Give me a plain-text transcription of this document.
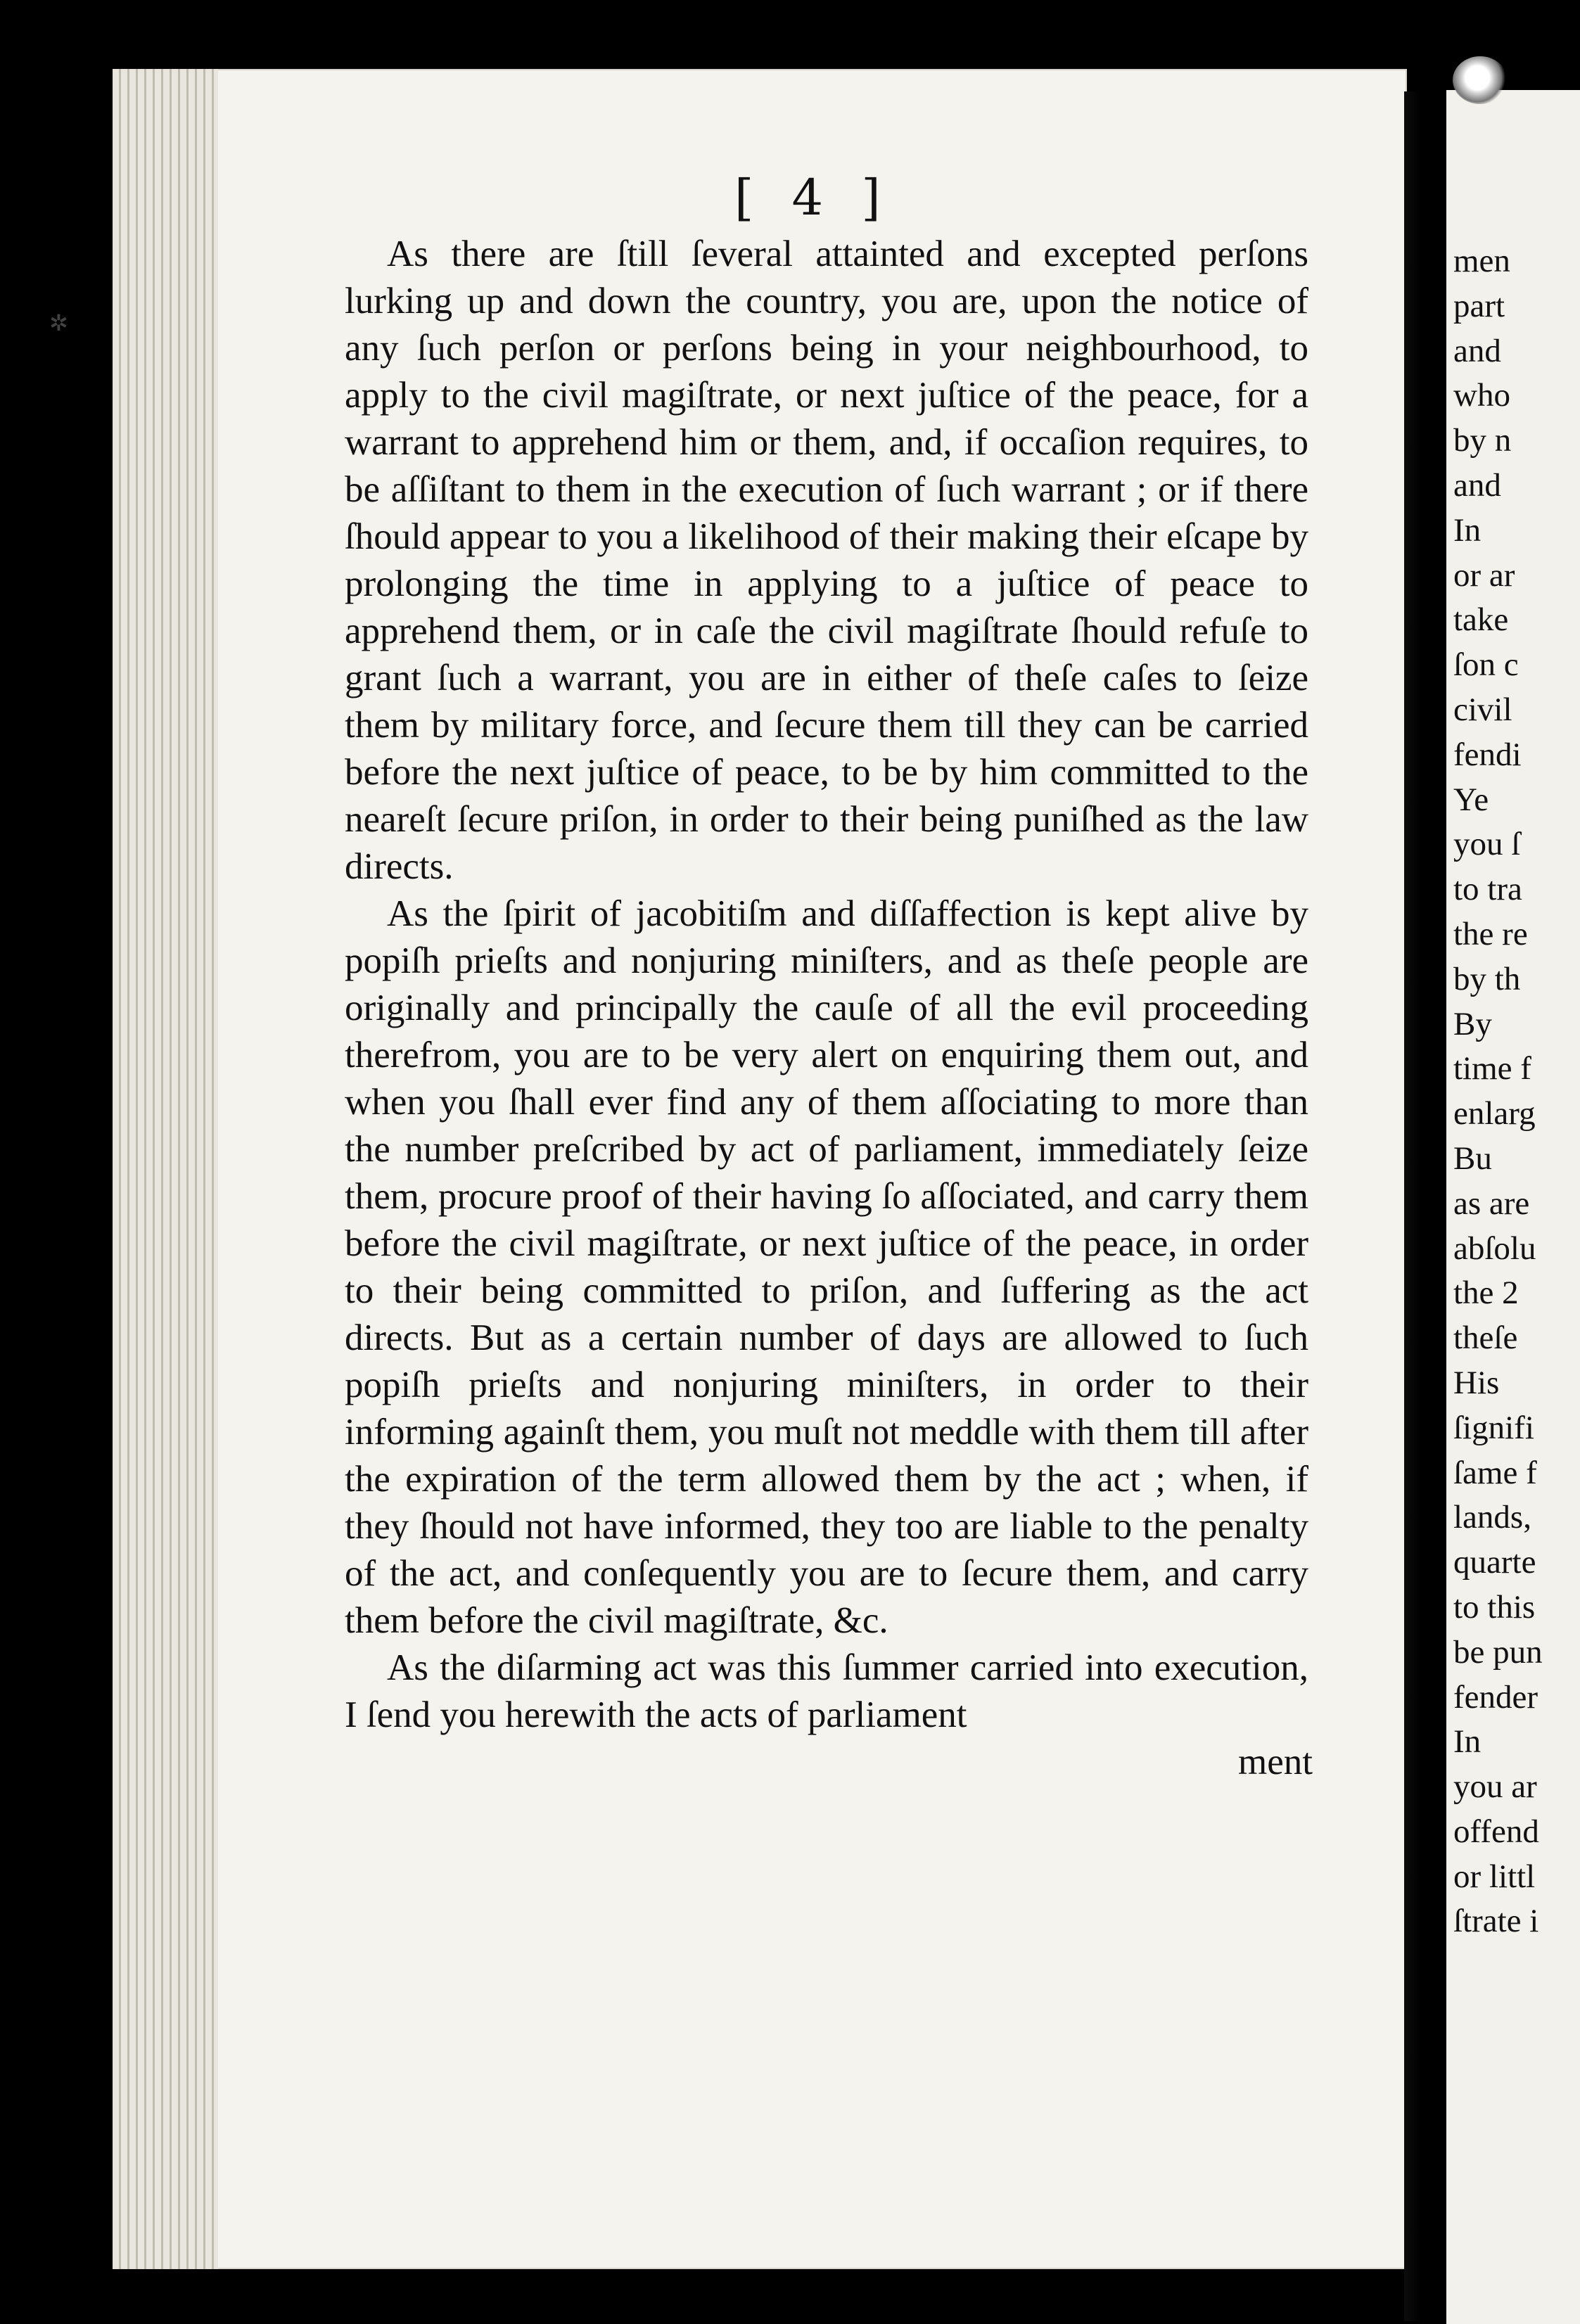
men
part
and
who
by n
and
In
or ar
take
ſon c
civil
fendi
Ye
you ſ
to tra
the re
by th
By
time f
enlarg
Bu
as are
abſolu
the 2
theſe
His
ſignifi
ſame f
lands,
quarte
to this
be pun
fender
In
you ar
offend
or littl
ſtrate i
✲
[ 4 ]

As there are ſtill ſeveral attainted and excepted perſons lurking up and down the country, you are, upon the notice of any ſuch perſon or perſons being in your neighbourhood, to apply to the civil magiſtrate, or next juſtice of the peace, for a warrant to apprehend him or them, and, if occaſion requires, to be aſſiſtant to them in the execution of ſuch warrant ; or if there ſhould appear to you a likelihood of their making their eſcape by prolonging the time in applying to a juſtice of peace to apprehend them, or in caſe the civil magiſtrate ſhould refuſe to grant ſuch a warrant, you are in either of theſe caſes to ſeize them by military force, and ſecure them till they can be carried before the next juſtice of peace, to be by him committed to the neareſt ſecure priſon, in order to their being puniſhed as the law directs.

As the ſpirit of jacobitiſm and diſſaffection is kept alive by popiſh prieſts and nonjuring miniſters, and as theſe people are originally and principally the cauſe of all the evil proceeding therefrom, you are to be very alert on enquiring them out, and when you ſhall ever find any of them aſſociating to more than the number preſcribed by act of parliament, immediately ſeize them, procure proof of their having ſo aſſociated, and carry them before the civil magiſtrate, or next juſtice of the peace, in order to their being committed to priſon, and ſuffering as the act directs. But as a certain number of days are allowed to ſuch popiſh prieſts and nonjuring miniſters, in order to their informing againſt them, you muſt not meddle with them till after the expiration of the term allowed them by the act ; when, if they ſhould not have informed, they too are liable to the penalty of the act, and conſequently you are to ſecure them, and carry them before the civil magiſtrate, &c.

As the diſarming act was this ſummer carried into execution, I ſend you herewith the acts of parliament

ment
